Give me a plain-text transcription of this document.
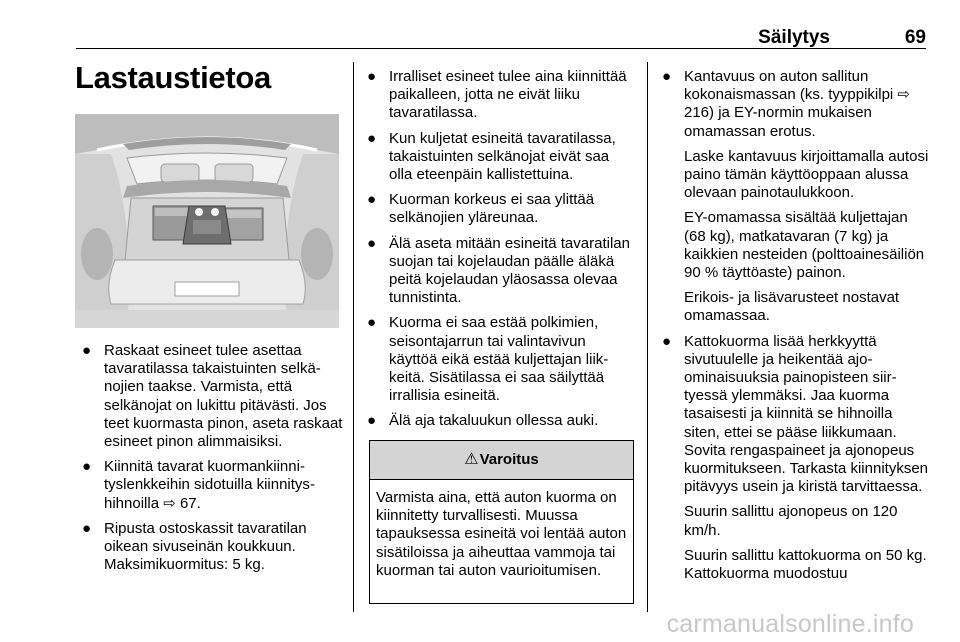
Säilytys	69
Lastaustietoa
● Raskaat esineet tulee asettaa tavaratilassa takaistuinten selkänojien taakse. Varmista, että selkänojat on lukittu pitävästi. Jos teet kuormasta pinon, aseta raskaat esineet pinon alimmaisiksi.
● Kiinnitä tavarat kuormankiinnityslenkkeihin sidotuilla kiinnityshihnoilla ⇨ 67.
● Ripusta ostoskassit tavaratilan oikean sivuseinän koukkuun. Maksimikuormitus: 5 kg.
● Irralliset esineet tulee aina kiinnittää paikalleen, jotta ne eivät liiku tavaratilassa.
● Kun kuljetat esineitä tavaratilassa, takaistuinten selkänojat eivät saa olla eteenpäin kallistettuina.
● Kuorman korkeus ei saa ylittää selkänojien yläreunaa.
● Älä aseta mitään esineitä tavaratilan suojan tai kojelaudan päälle äläkä peitä kojelaudan yläosassa olevaa tunnistinta.
● Kuorma ei saa estää polkimien, seisontajarrun tai valintavivun käyttöä eikä estää kuljettajan liikkeitä. Sisätilassa ei saa säilyttää irrallisia esineitä.
● Älä aja takaluukun ollessa auki.
⚠Varoitus

Varmista aina, että auton kuorma on kiinnitetty turvallisesti. Muussa tapauksessa esineitä voi lentää auton sisätiloissa ja aiheuttaa vammoja tai kuorman tai auton vaurioitumisen.

● Kantavuus on auton sallitun kokonaismassan (ks. tyyppikilpi ⇨ 216) ja EY-normin mukaisen omamassan erotus.

Laske kantavuus kirjoittamalla autosi paino tämän käyttöoppaan alussa olevaan painotaulukkoon.

EY-omamassa sisältää kuljettajan (68 kg), matkatavaran (7 kg) ja kaikkien nesteiden (polttoainesäiliön 90 % täyttöaste) painon.

Erikois- ja lisävarusteet nostavat omamassaa.

● Kattokuorma lisää herkkyyttä sivutuulelle ja heikentää ajoominaisuuksia painopisteen siirtyessä ylemmäksi. Jaa kuorma tasaisesti ja kiinnitä se hihnoilla siten, ettei se pääse liikkumaan. Sovita rengaspaineet ja ajonopeus kuormitukseen. Tarkasta kiinnityksen pitävyys usein ja kiristä tarvittaessa.

Suurin sallittu ajonopeus on 120 km/h.

Suurin sallittu kattokuorma on 50 kg. Kattokuorma muodostuu

carmanualsonline.info
